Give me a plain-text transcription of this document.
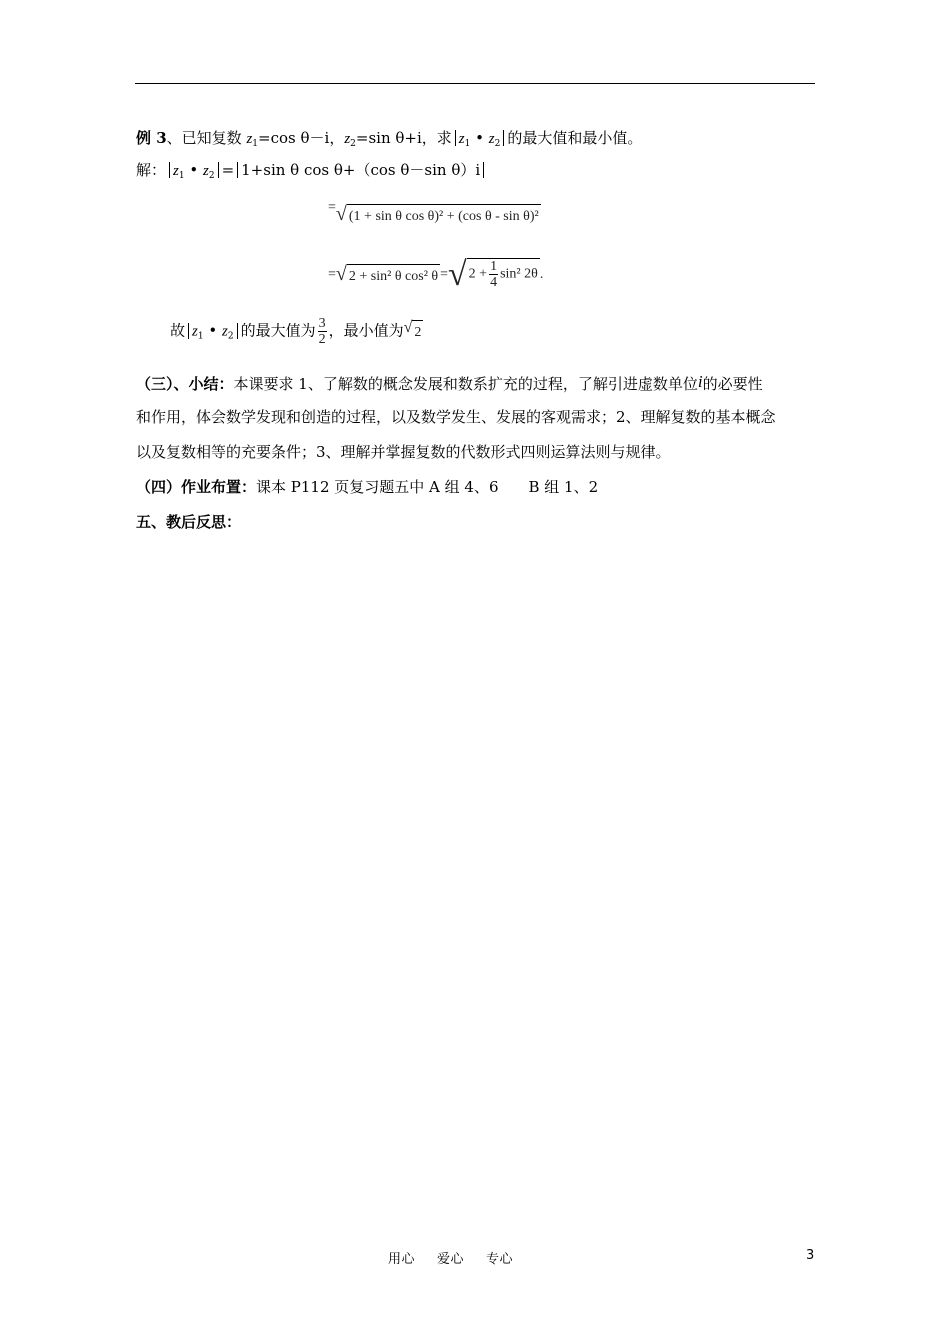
例 3、已知复数 $z_1=\cos$ θ－i，$z_2=\sin$ θ+i，求 $z_1$ • $z_2$ 的最大值和最小值。
解： $z_1$ • $z_2 = 1+\sin$ θ cos θ+（cos θ－sin θ）i
= √ (1 + sin θ cos θ)² + (cos θ - sin θ)²
= √ 2 + sin² θ cos² θ = √ $2 + \frac{1}{4} \sin^2$ 2θ .
故 $z_1$ • $z_2$ 的最大值为 $\frac{3}{2}$ ，最小值为 √ 2
（三）、小结：本课要求 1、了解数的概念发展和数系扩充的过程，了解引进虚数单位i的必要性
和作用，体会数学发现和创造的过程，以及数学发生、发展的客观需求；2、理解复数的基本概念
以及复数相等的充要条件；3、理解并掌握复数的代数形式四则运算法则与规律。
（四）作业布置：课本 P112 页复习题五中 A 组 4、6　　B 组 1、2
五、教后反思：
用心 爱心 专心	3
